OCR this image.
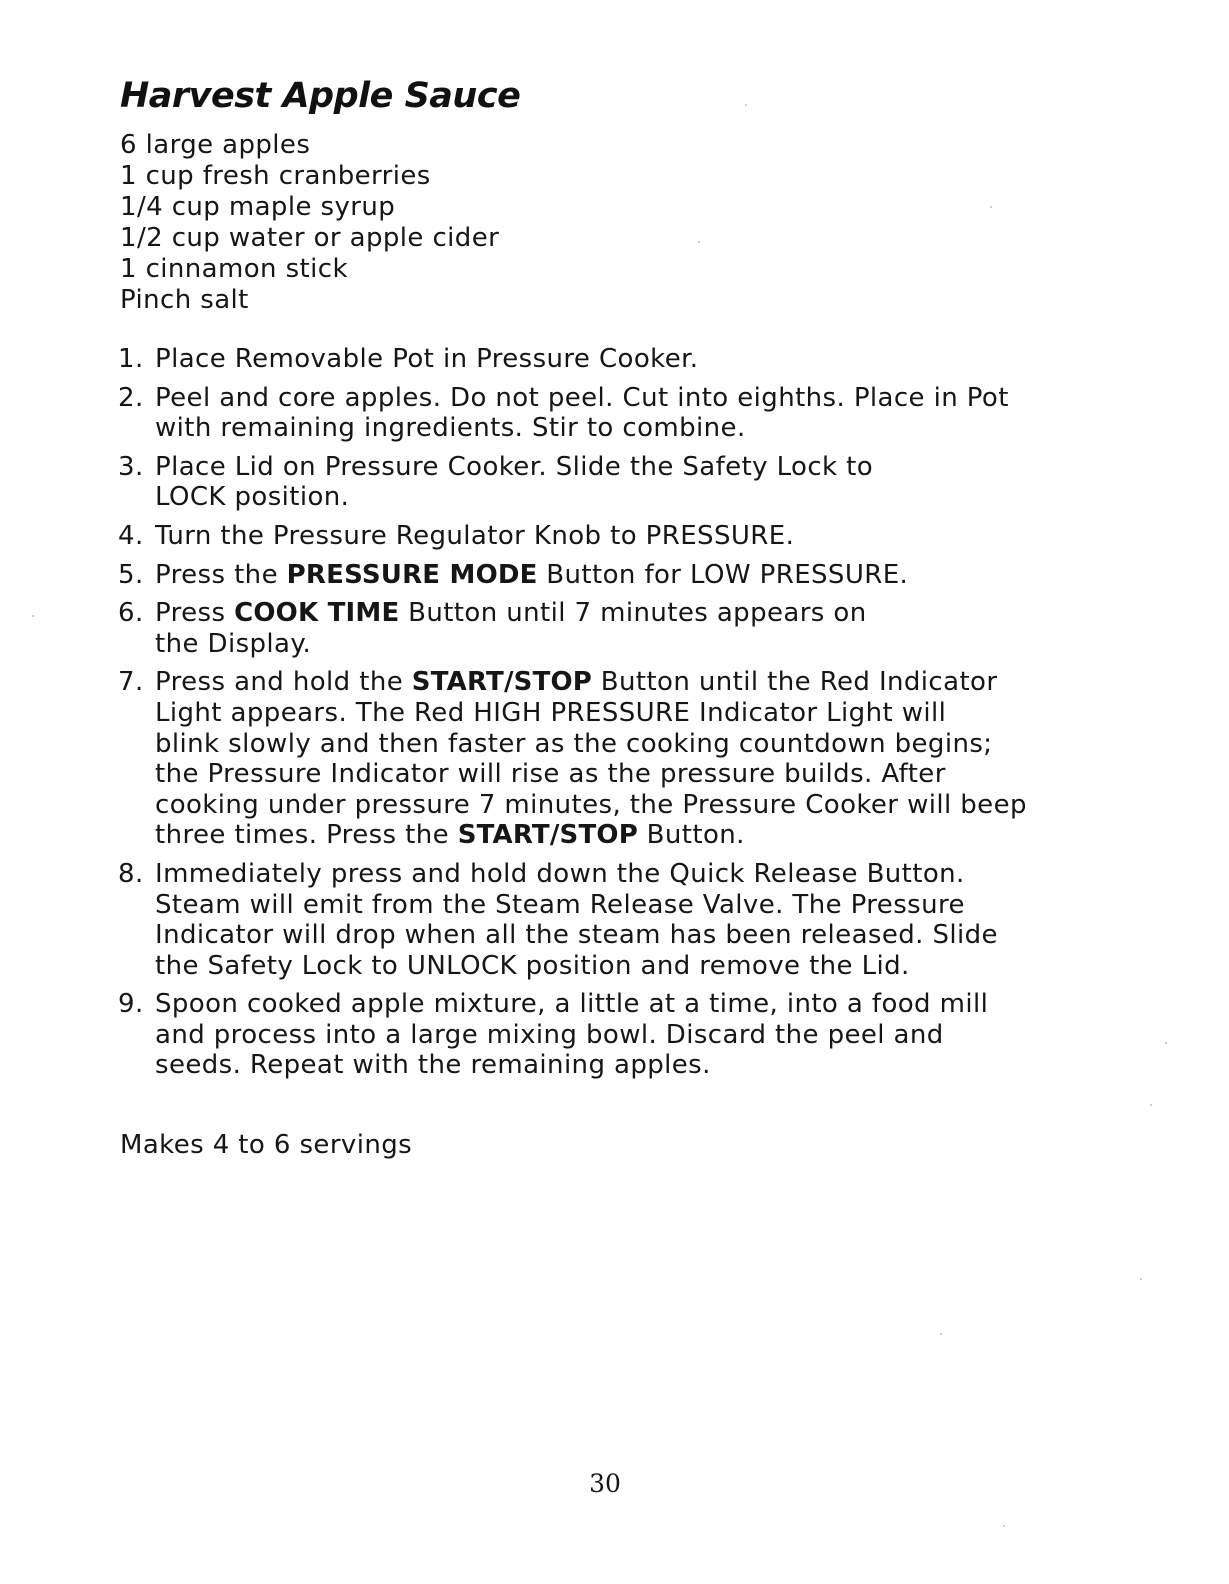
Harvest Apple Sauce
6 large apples
1 cup fresh cranberries
1/4 cup maple syrup
1/2 cup water or apple cider
1 cinnamon stick
Pinch salt
1. Place Removable Pot in Pressure Cooker.
2. Peel and core apples. Do not peel. Cut into eighths. Place in Pot
with remaining ingredients. Stir to combine.
3. Place Lid on Pressure Cooker. Slide the Safety Lock to
LOCK position.
4. Turn the Pressure Regulator Knob to PRESSURE.
5. Press the PRESSURE MODE Button for LOW PRESSURE.
6. Press COOK TIME Button until 7 minutes appears on
the Display.
7. Press and hold the START/STOP Button until the Red Indicator
Light appears. The Red HIGH PRESSURE Indicator Light will
blink slowly and then faster as the cooking countdown begins;
the Pressure Indicator will rise as the pressure builds. After
cooking under pressure 7 minutes, the Pressure Cooker will beep
three times. Press the START/STOP Button.
8. Immediately press and hold down the Quick Release Button.
Steam will emit from the Steam Release Valve. The Pressure
Indicator will drop when all the steam has been released. Slide
the Safety Lock to UNLOCK position and remove the Lid.
9. Spoon cooked apple mixture, a little at a time, into a food mill
and process into a large mixing bowl. Discard the peel and
seeds. Repeat with the remaining apples.

Makes 4 to 6 servings

30
